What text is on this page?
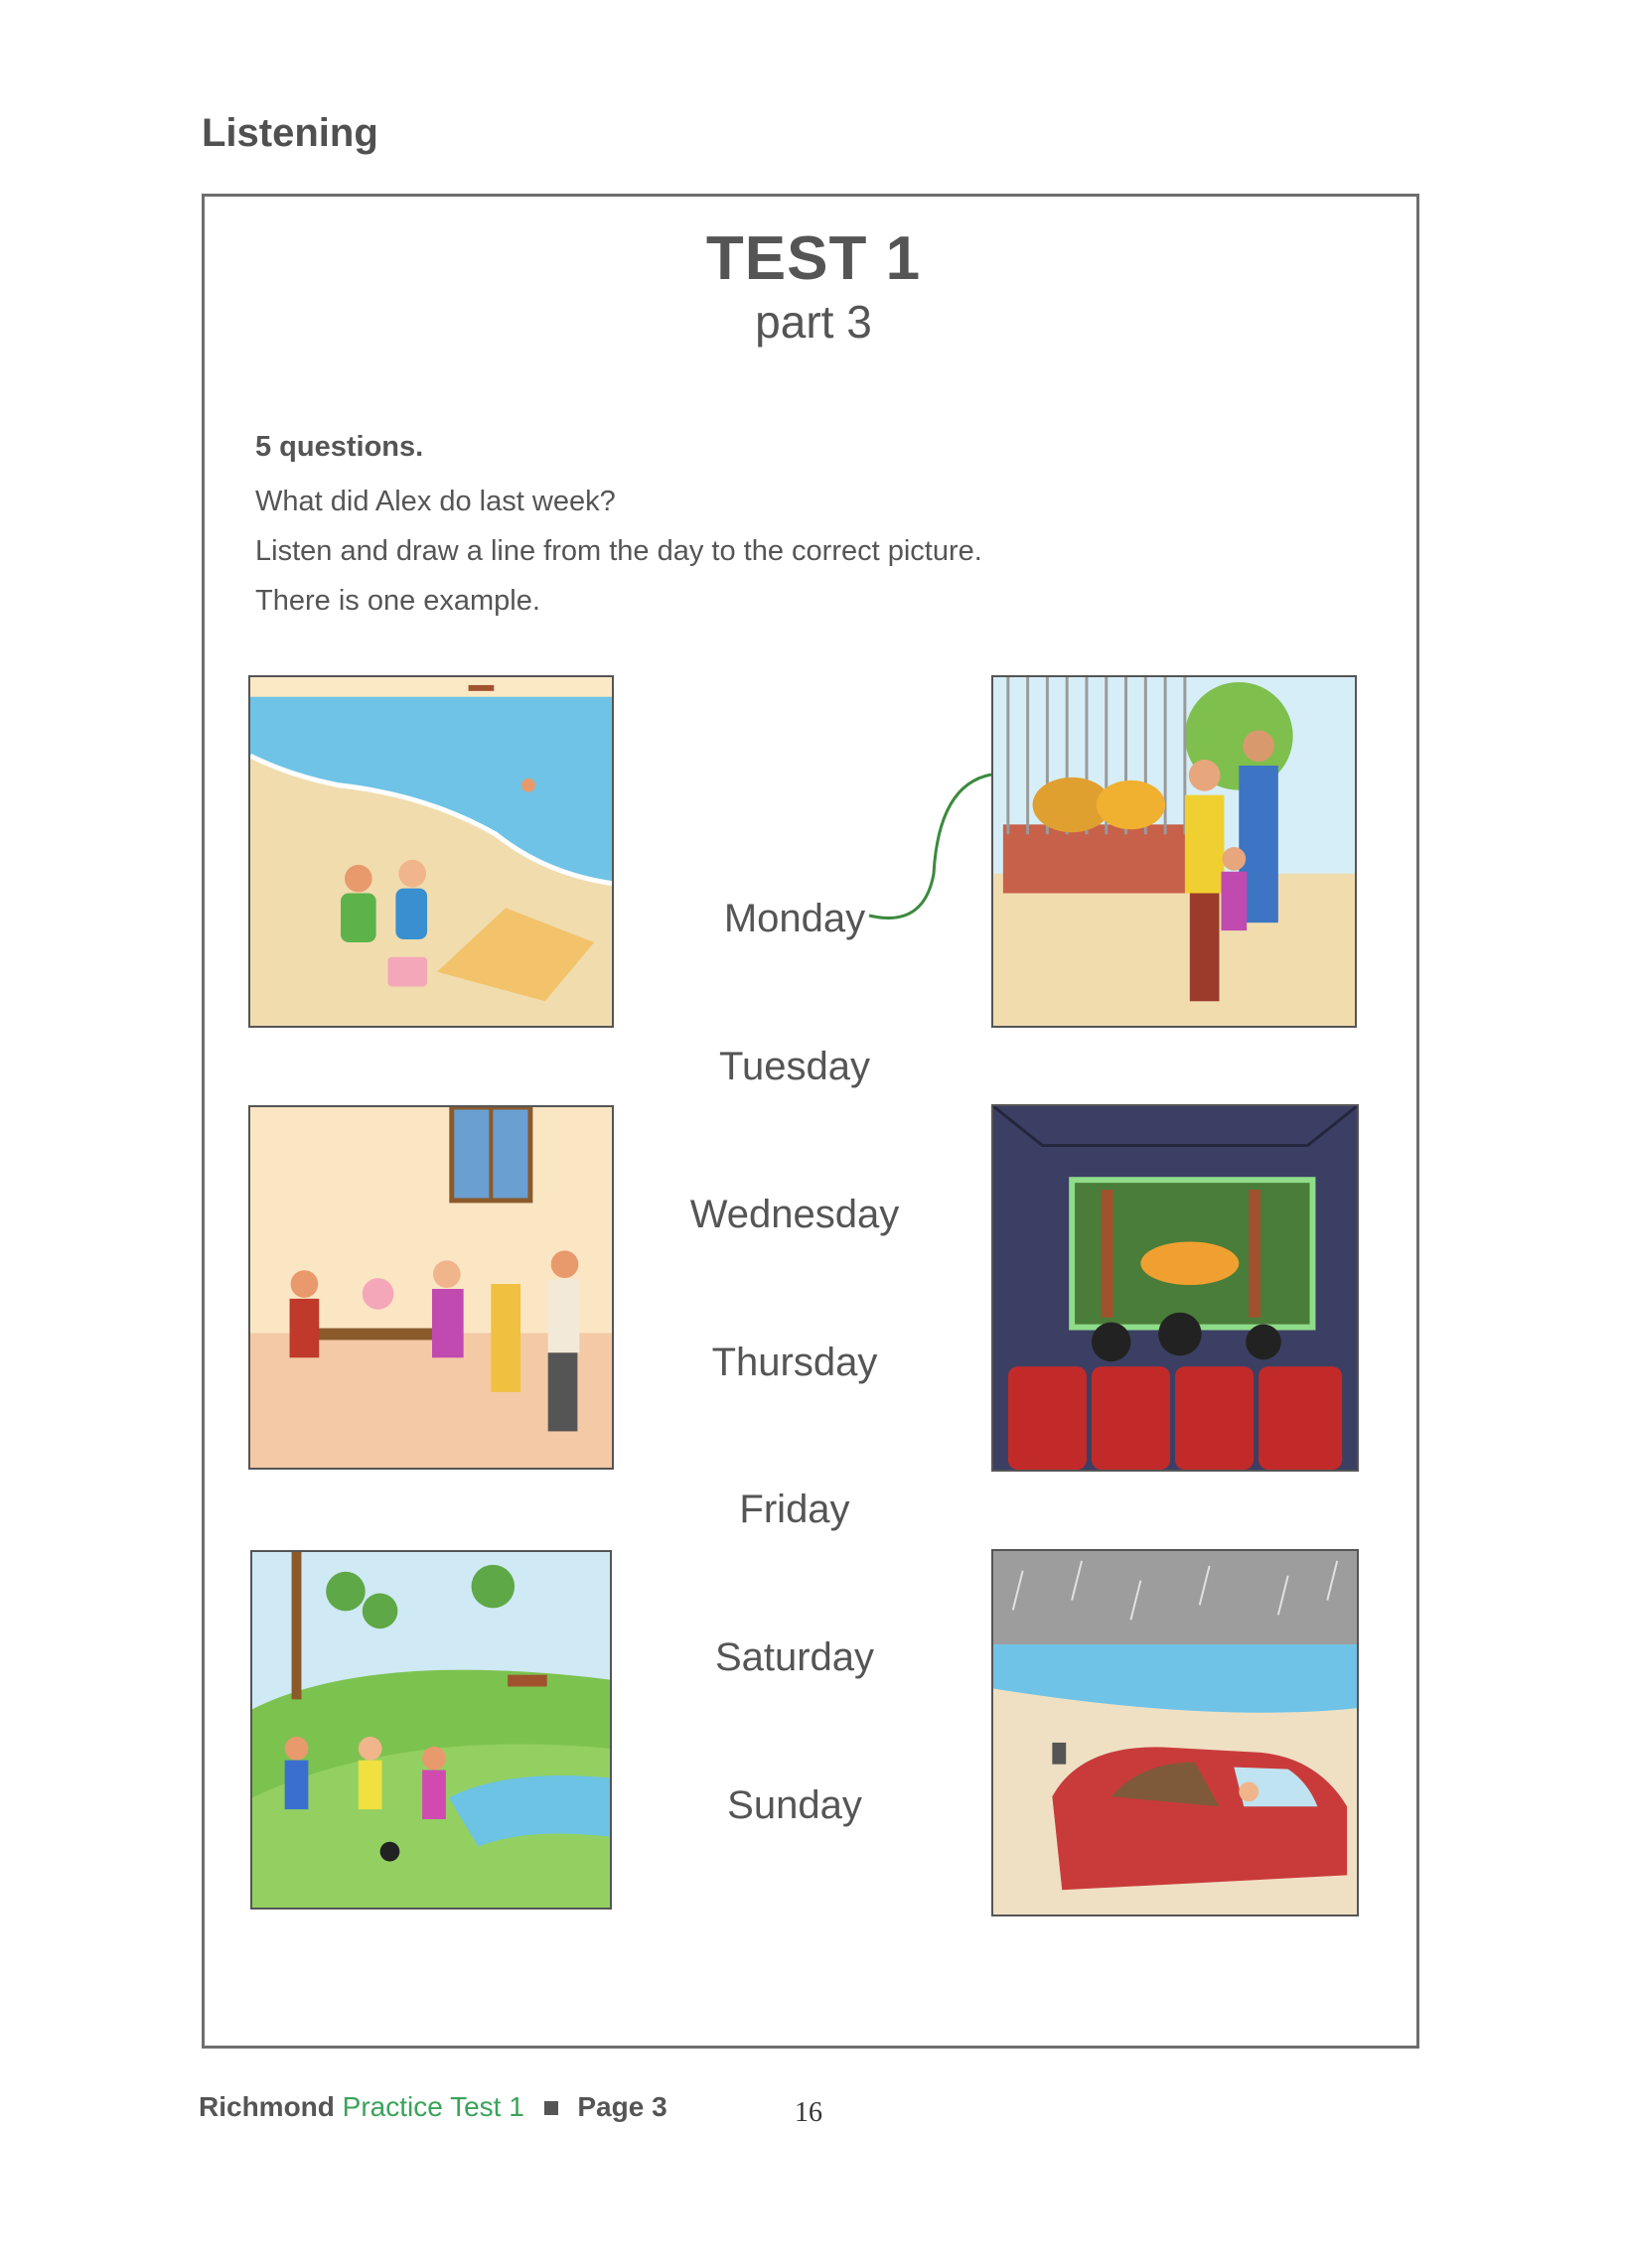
Listening
TEST 1
part 3
5 questions.
What did Alex do last week?
Listen and draw a line from the day to the correct picture.
There is one example.
Monday
Tuesday
Wednesday
Thursday
Friday
Saturday
Sunday
Richmond Practice Test 1 Page 3	16
